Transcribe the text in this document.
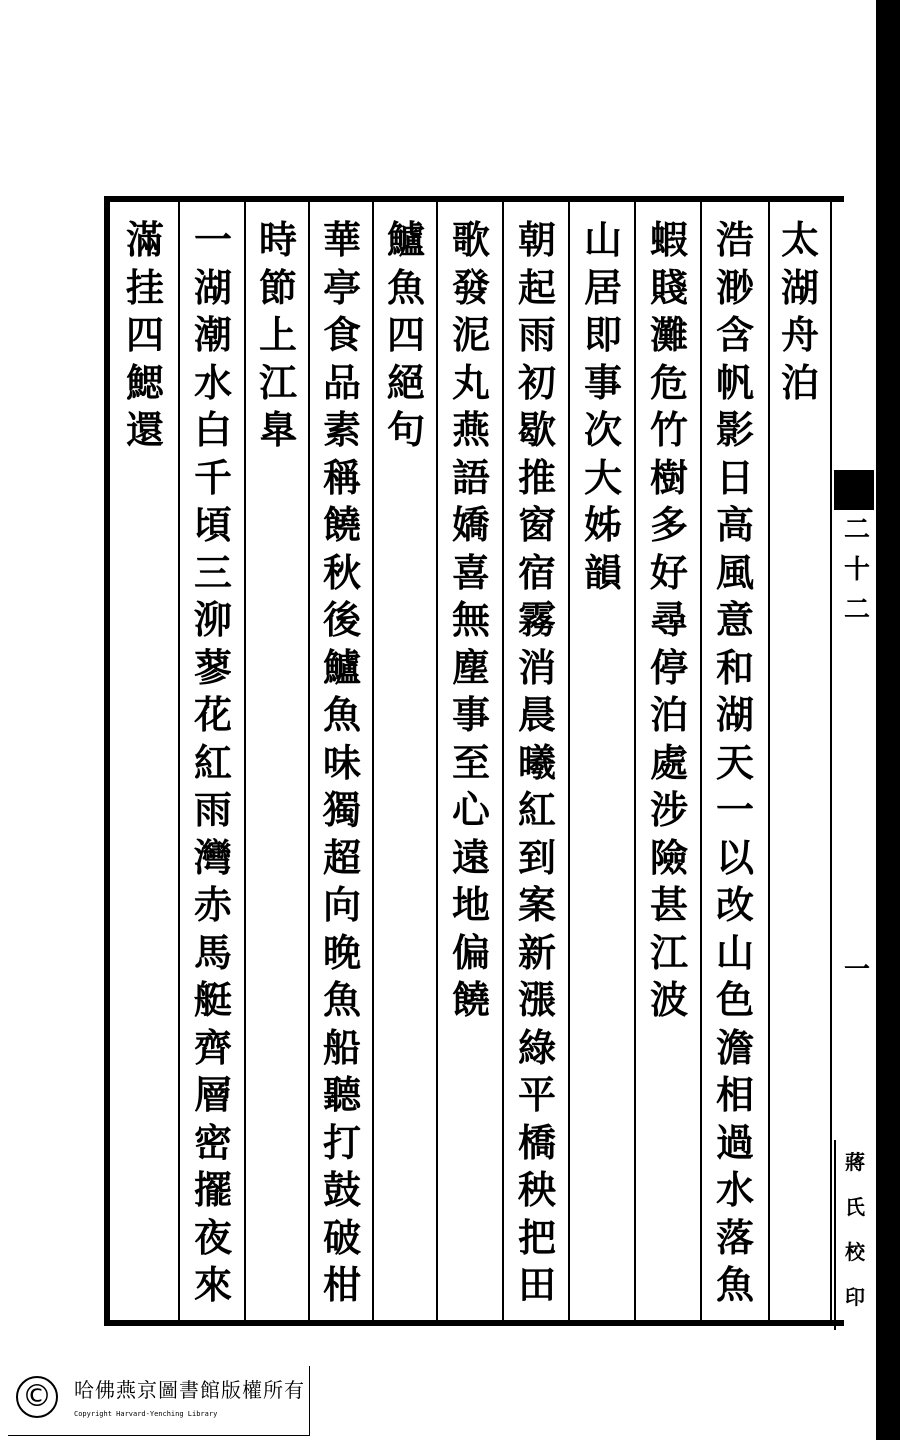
太湖舟泊
浩渺含帆影日高風意和湖天一以改山色澹相過水落魚
蝦賤灘危竹樹多好尋停泊處涉險甚江波
山居即事次大姊韻
朝起雨初歇推窗宿霧消晨曦紅到案新漲綠平橋秧把田
歌發泥丸燕語嬌喜無塵事至心遠地偏饒
鱸魚四絕句
華亭食品素稱饒秋後鱸魚味獨超向晚魚船聽打鼓破柑
時節上江臯
一湖潮水白千頃三泖蓼花紅雨灣赤馬艇齊層密擺夜來
滿挂四鰓還
二十二
一
蔣氏校印
©	哈佛燕京圖書館版權所有
Copyright Harvard-Yenching Library
